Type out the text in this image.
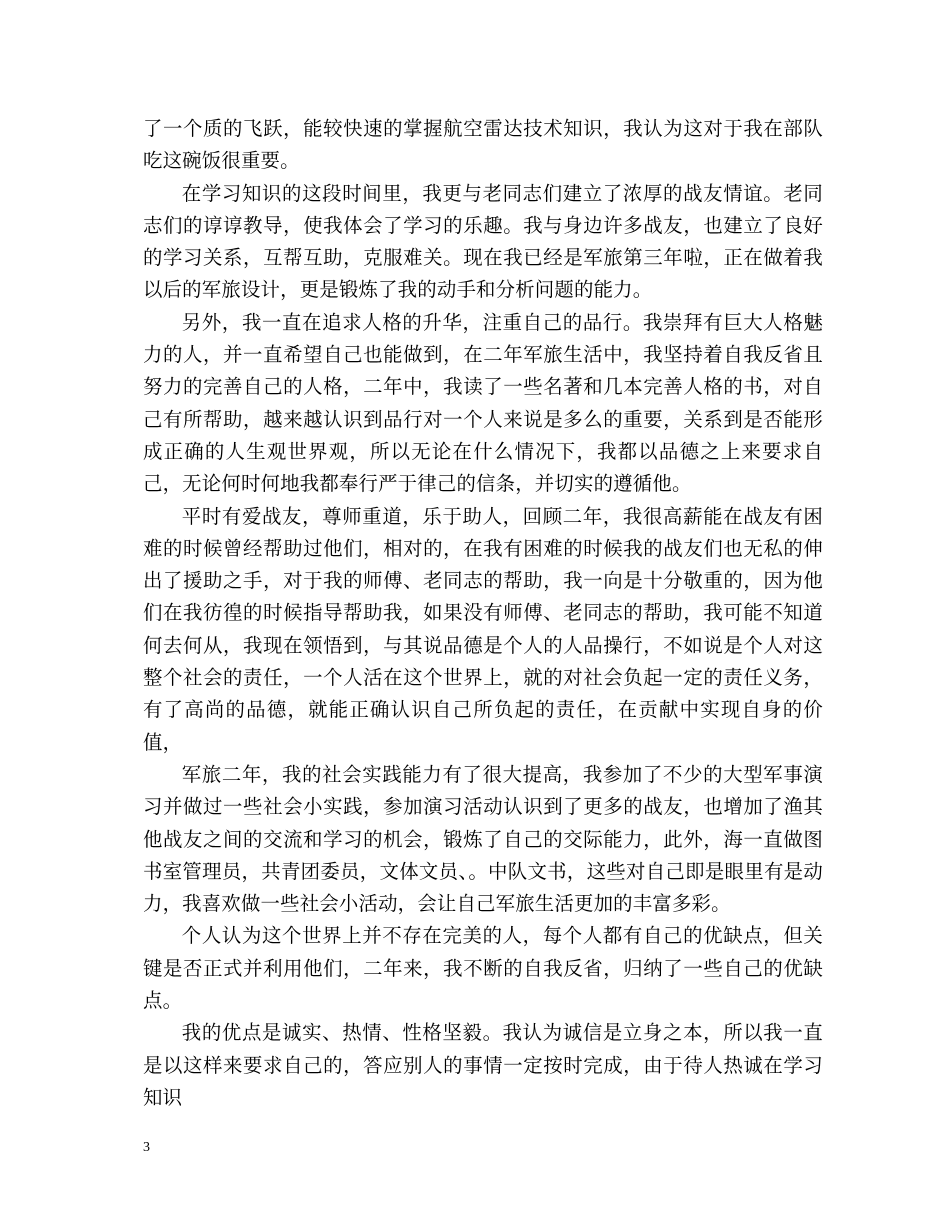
了一个质的飞跃，能较快速的掌握航空雷达技术知识，我认为这对于我在部队吃这碗饭很重要。

在学习知识的这段时间里，我更与老同志们建立了浓厚的战友情谊。老同志们的谆谆教导，使我体会了学习的乐趣。我与身边许多战友，也建立了良好的学习关系，互帮互助，克服难关。现在我已经是军旅第三年啦，正在做着我以后的军旅设计，更是锻炼了我的动手和分析问题的能力。

另外，我一直在追求人格的升华，注重自己的品行。我崇拜有巨大人格魅力的人，并一直希望自己也能做到，在二年军旅生活中，我坚持着自我反省且努力的完善自己的人格，二年中，我读了一些名著和几本完善人格的书，对自己有所帮助，越来越认识到品行对一个人来说是多么的重要，关系到是否能形成正确的人生观世界观，所以无论在什么情况下，我都以品德之上来要求自己，无论何时何地我都奉行严于律己的信条，并切实的遵循他。

平时有爱战友，尊师重道，乐于助人，回顾二年，我很高薪能在战友有困难的时候曾经帮助过他们，相对的，在我有困难的时候我的战友们也无私的伸出了援助之手，对于我的师傅、老同志的帮助，我一向是十分敬重的，因为他们在我彷徨的时候指导帮助我，如果没有师傅、老同志的帮助，我可能不知道何去何从，我现在领悟到，与其说品德是个人的人品操行，不如说是个人对这整个社会的责任，一个人活在这个世界上，就的对社会负起一定的责任义务，有了高尚的品德，就能正确认识自己所负起的责任，在贡献中实现自身的价值，

军旅二年，我的社会实践能力有了很大提高，我参加了不少的大型军事演习并做过一些社会小实践，参加演习活动认识到了更多的战友，也增加了渔其他战友之间的交流和学习的机会，锻炼了自己的交际能力，此外，海一直做图书室管理员，共青团委员，文体文员、。中队文书，这些对自己即是眼里有是动力，我喜欢做一些社会小活动，会让自己军旅生活更加的丰富多彩。

个人认为这个世界上并不存在完美的人，每个人都有自己的优缺点，但关键是否正式并利用他们，二年来，我不断的自我反省，归纳了一些自己的优缺点。

我的优点是诚实、热情、性格坚毅。我认为诚信是立身之本，所以我一直是以这样来要求自己的，答应别人的事情一定按时完成，由于待人热诚在学习知识

3
